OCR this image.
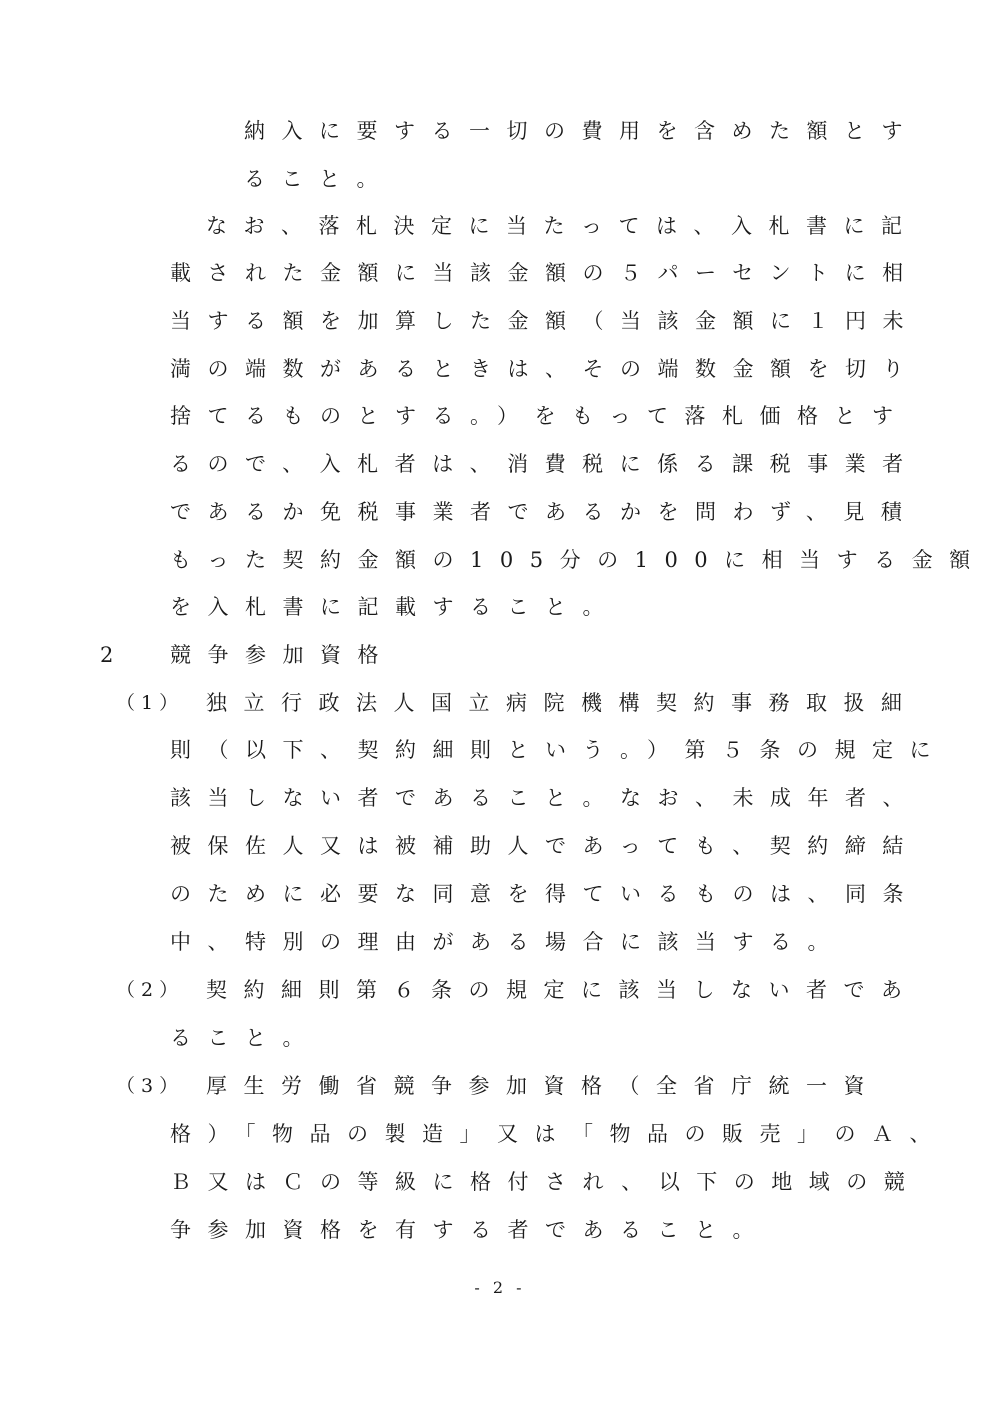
納入に要する一切の費用を含めた額とす
ること。
なお、落札決定に当たっては、入札書に記
載された金額に当該金額の５パーセントに相
当する額を加算した金額（当該金額に１円未
満の端数があるときは、その端数金額を切り
捨てるものとする。）をもって落札価格とす
るので、入札者は、消費税に係る課税事業者
であるか免税事業者であるかを問わず、見積
もった契約金額の105分の100に相当する金額
を入札書に記載すること。
2	競争参加資格
（1） 独立行政法人国立病院機構契約事務取扱細
則（以下、契約細則という。）第５条の規定に
該当しない者であること。なお、未成年者、
被保佐人又は被補助人であっても、契約締結
のために必要な同意を得ているものは、同条
中、特別の理由がある場合に該当する。
（2） 契約細則第６条の規定に該当しない者であ
ること。
（3） 厚生労働省競争参加資格（全省庁統一資
格）「物品の製造」又は「物品の販売」のＡ、
Ｂ又はＣの等級に格付され、以下の地域の競
争参加資格を有する者であること。
- 2 -
